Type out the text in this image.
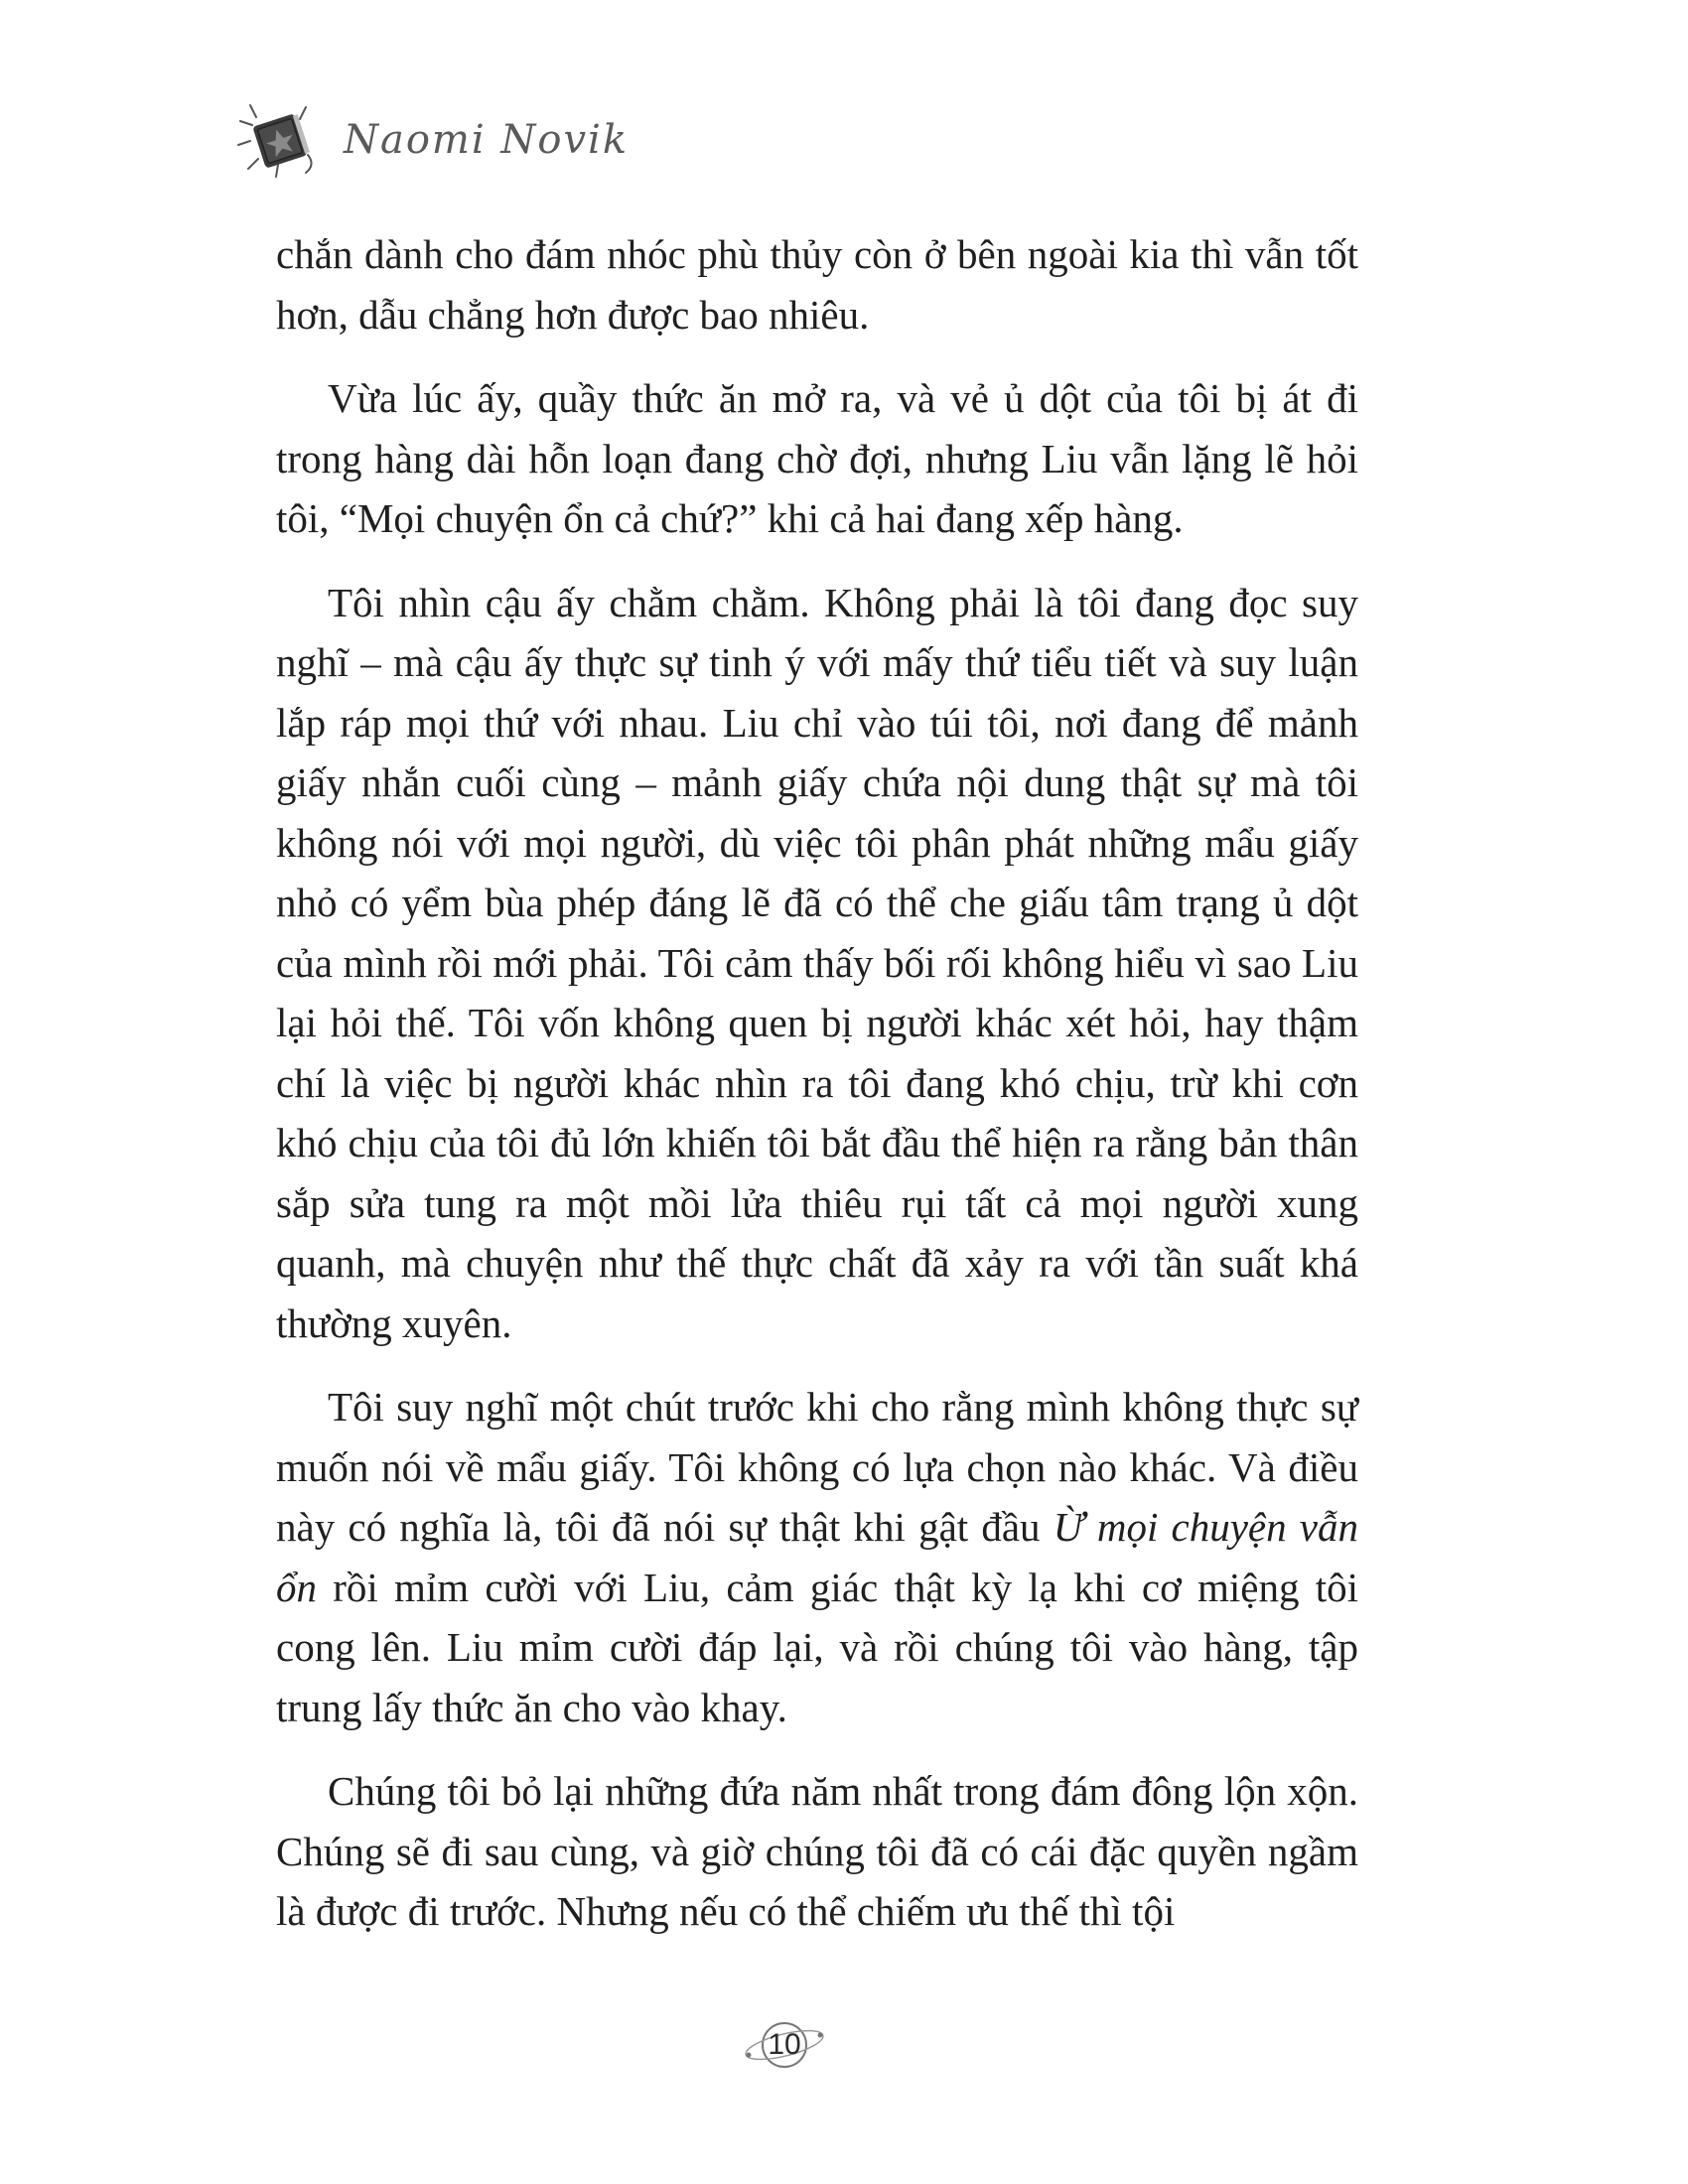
Naomi Novik

chắn dành cho đám nhóc phù thủy còn ở bên ngoài kia thì vẫn tốt hơn, dẫu chẳng hơn được bao nhiêu.

Vừa lúc ấy, quầy thức ăn mở ra, và vẻ ủ dột của tôi bị át đi trong hàng dài hỗn loạn đang chờ đợi, nhưng Liu vẫn lặng lẽ hỏi tôi, “Mọi chuyện ổn cả chứ?” khi cả hai đang xếp hàng.

Tôi nhìn cậu ấy chằm chằm. Không phải là tôi đang đọc suy nghĩ – mà cậu ấy thực sự tinh ý với mấy thứ tiểu tiết và suy luận lắp ráp mọi thứ với nhau. Liu chỉ vào túi tôi, nơi đang để mảnh giấy nhắn cuối cùng – mảnh giấy chứa nội dung thật sự mà tôi không nói với mọi người, dù việc tôi phân phát những mẩu giấy nhỏ có yểm bùa phép đáng lẽ đã có thể che giấu tâm trạng ủ dột của mình rồi mới phải. Tôi cảm thấy bối rối không hiểu vì sao Liu lại hỏi thế. Tôi vốn không quen bị người khác xét hỏi, hay thậm chí là việc bị người khác nhìn ra tôi đang khó chịu, trừ khi cơn khó chịu của tôi đủ lớn khiến tôi bắt đầu thể hiện ra rằng bản thân sắp sửa tung ra một mồi lửa thiêu rụi tất cả mọi người xung quanh, mà chuyện như thế thực chất đã xảy ra với tần suất khá thường xuyên.

Tôi suy nghĩ một chút trước khi cho rằng mình không thực sự muốn nói về mẩu giấy. Tôi không có lựa chọn nào khác. Và điều này có nghĩa là, tôi đã nói sự thật khi gật đầu Ừ mọi chuyện vẫn ổn rồi mỉm cười với Liu, cảm giác thật kỳ lạ khi cơ miệng tôi cong lên. Liu mỉm cười đáp lại, và rồi chúng tôi vào hàng, tập trung lấy thức ăn cho vào khay.

Chúng tôi bỏ lại những đứa năm nhất trong đám đông lộn xộn. Chúng sẽ đi sau cùng, và giờ chúng tôi đã có cái đặc quyền ngầm là được đi trước. Nhưng nếu có thể chiếm ưu thế thì tội

10
